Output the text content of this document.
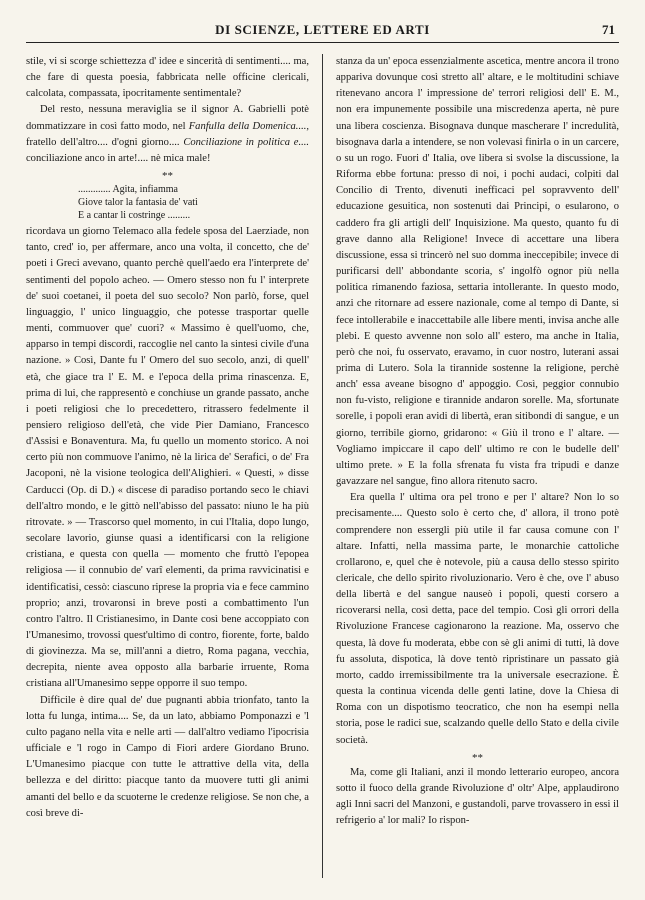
DI SCIENZE, LETTERE ED ARTI	71

stile, vi si scorge schiettezza d' idee e sincerità di sentimenti.... ma, che fare di questa poesia, fabbricata nelle officine clericali, calcolata, compassata, ipocritamente sentimentale?

Del resto, nessuna meraviglia se il signor A. Gabrielli potè dommatizzare in così fatto modo, nel Fanfulla della Domenica...., fratello dell'altro.... d'ogni giorno.... Conciliazione in politica e.... conciliazione anco in arte!.... nè mica male!

**
............. Agita, infiamma
Giove talor la fantasia de' vati
E a cantar li costringe .........

ricordava un giorno Telemaco alla fedele sposa del Laerziade, non tanto, cred' io, per affermare, anco una volta, il concetto, che de' poeti i Greci avevano, quanto perchè quell'aedo era l'interprete de' sentimenti del popolo acheo. — Omero stesso non fu l' interprete de' suoi coetanei, il poeta del suo secolo? Non parlò, forse, quel linguaggio, l' unico linguaggio, che potesse trasportar quelle menti, commuover que' cuori? « Massimo è quell'uomo, che, apparso in tempi discordi, raccoglie nel canto la sintesi civile d'una nazione. » Così, Dante fu l' Omero del suo secolo, anzi, di quell' età, che giace tra l' E. M. e l'epoca della prima rinascenza. E, prima di lui, che rappresentò e conchiuse un grande passato, anche i poeti religiosi che lo precedettero, ritrassero fedelmente il pensiero religioso dell'età, che vide Pier Damiano, Francesco d'Assisi e Bonaventura. Ma, fu quello un momento storico. A noi certo più non commuove l'animo, nè la lirica de' Serafici, o de' Fra Jacoponi, nè la visione teologica dell'Alighieri. « Questi, » disse Carducci (Op. di D.) « discese di paradiso portando seco le chiavi dell'altro mondo, e le gittò nell'abisso del passato: niuno le ha più ritrovate. » — Trascorso quel momento, in cui l'Italia, dopo lungo, secolare lavorio, giunse quasi a identificarsi con la religione cristiana, e questa con quella — momento che fruttò l'epopea religiosa — il connubio de' varî elementi, da prima ravvicinatisi e identificatisi, cessò: ciascuno riprese la propria via e fece cammino proprio; anzi, trovaronsi in breve posti a combattimento l'un contro l'altro. Il Cristianesimo, in Dante così bene accoppiato con l'Umanesimo, trovossi quest'ultimo di contro, fiorente, forte, baldo di giovinezza. Ma se, mill'anni a dietro, Roma pagana, vecchia, decrepita, niente avea opposto alla barbarie irruente, Roma cristiana all'Umanesimo seppe opporre il suo tempo.

Difficile è dire qual de' due pugnanti abbia trionfato, tanto la lotta fu lunga, intima.... Se, da un lato, abbiamo Pomponazzi e 'l culto pagano nella vita e nelle arti — dall'altro vediamo l'ipocrisia ufficiale e 'l rogo in Campo di Fiori ardere Giordano Bruno. L'Umanesimo piacque con tutte le attrattive della vita, della bellezza e del diritto: piacque tanto da muovere tutti gli animi amanti del bello e da scuoterne le credenze religiose. Se non che, a così breve di-

stanza da un' epoca essenzialmente ascetica, mentre ancora il trono appariva dovunque così stretto all' altare, e le moltitudini schiave ritenevano ancora l' impressione de' terrori religiosi dell' E. M., non era impunemente possibile una miscredenza aperta, nè pure una libera coscienza. Bisognava dunque mascherare l' incredulità, bisognava darla a intendere, se non volevasi finirla o in un carcere, o su un rogo. Fuori d' Italia, ove libera si svolse la discussione, la Riforma ebbe fortuna: presso di noi, i pochi audaci, colpiti dal Concilio di Trento, divenuti inefficaci pel sopravvento dell' educazione gesuitica, non sostenuti dai Principi, o esularono, o caddero fra gli artigli dell' Inquisizione. Ma questo, quanto fu di grave danno alla Religione! Invece di accettare una libera discussione, essa si trincerò nel suo domma ineccepibile; invece di purificarsi dell' abbondante scoria, s' ingolfò ognor più nella politica rimanendo faziosa, settaria intollerante. In questo modo, anzi che ritornare ad essere nazionale, come al tempo di Dante, si fece intollerabile e inaccettabile alle libere menti, invisa anche alle plebi. E questo avvenne non solo all' estero, ma anche in Italia, però che noi, fu osservato, eravamo, in cuor nostro, luterani assai prima di Lutero. Sola la tirannide sostenne la religione, perchè anch' essa aveane bisogno d' appoggio. Così, peggior connubio non fu-visto, religione e tirannide andaron sorelle. Ma, sfortunate sorelle, i popoli eran avidi di libertà, eran sitibondi di sangue, e un giorno, terribile giorno, gridarono: « Giù il trono e l' altare. — Vogliamo impiccare il capo dell' ultimo re con le budelle dell' ultimo prete. » E la folla sfrenata fu vista fra tripudi e danze gavazzare nel sangue, fino allora ritenuto sacro.

Era quella l' ultima ora pel trono e per l' altare? Non lo so precisamente.... Questo solo è certo che, d' allora, il trono potè comprendere non essergli più utile il far causa comune con l' altare. Infatti, nella massima parte, le monarchie cattoliche crollarono, e, quel che è notevole, più a causa dello stesso spirito clericale, che dello spirito rivoluzionario. Vero è che, ove l' abuso della libertà e del sangue nauseò i popoli, questi corsero a ricoverarsi nella, così detta, pace del tempio. Così gli orrori della Rivoluzione Francese cagionarono la reazione. Ma, osservo che questa, là dove fu moderata, ebbe con sè gli animi di tutti, là dove fu assoluta, dispotica, là dove tentò ripristinare un passato già morto, caddo irremissibilmente tra la universale esecrazione. È questa la continua vicenda delle genti latine, dove la Chiesa di Roma con un dispotismo teocratico, che non ha esempi nella storia, pose le radici sue, scalzando quelle dello Stato e della civile società.

**

Ma, come gli Italiani, anzi il mondo letterario europeo, ancora sotto il fuoco della grande Rivoluzione d' oltr' Alpe, applaudirono agli Inni sacri del Manzoni, e gustandoli, parve trovassero in essi il refrigerio a' lor mali? Io rispon-
